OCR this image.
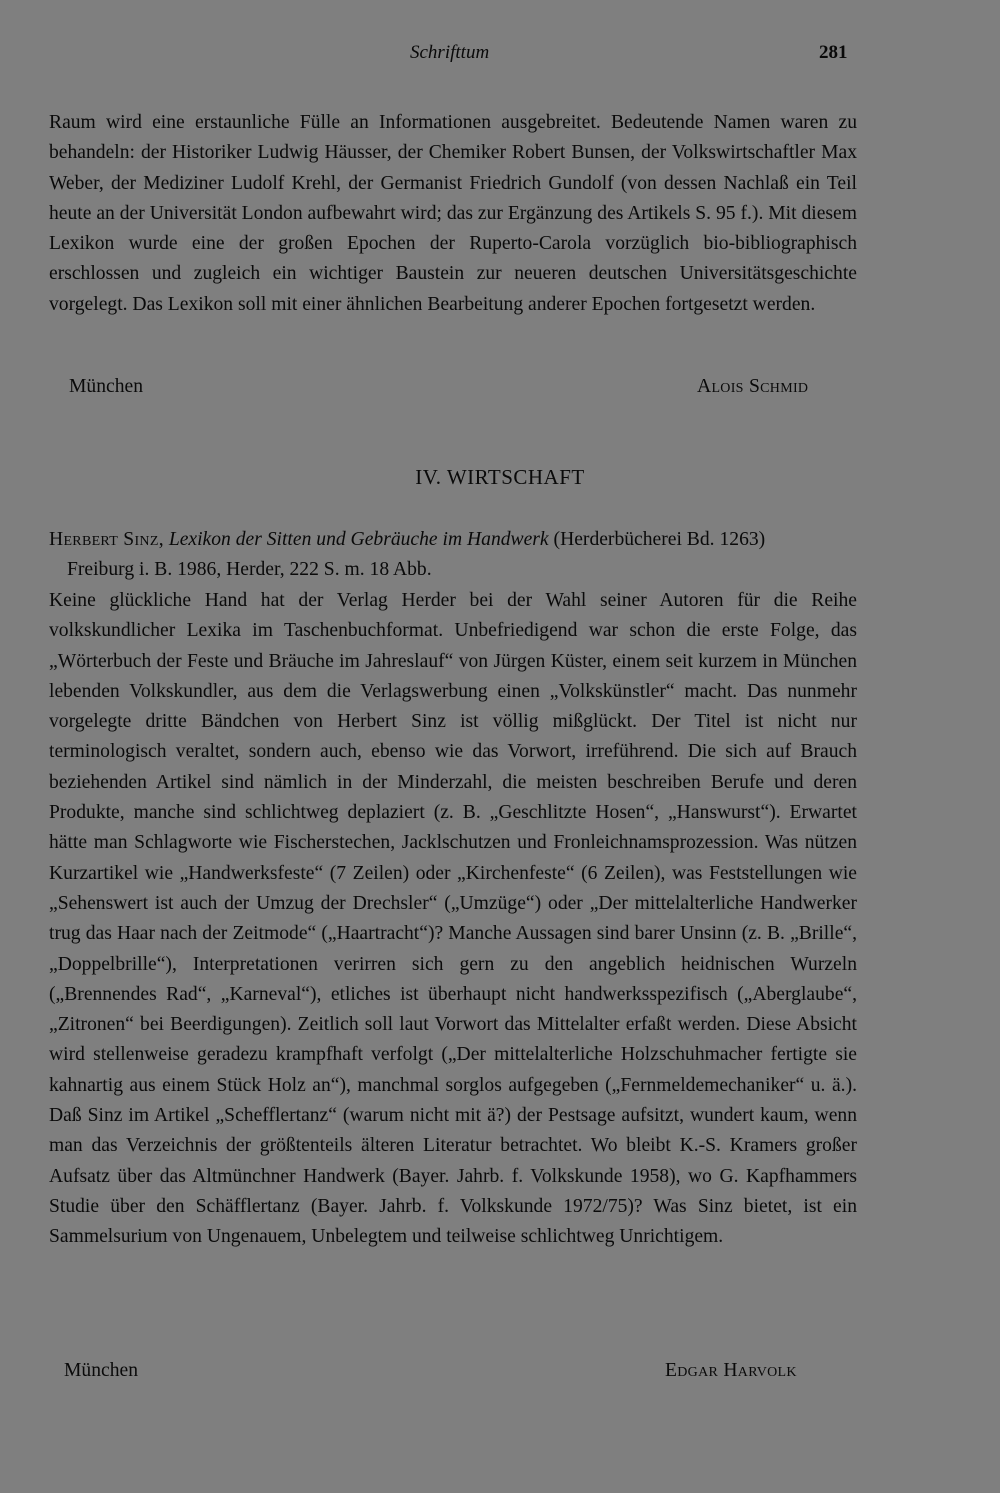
Schrifttum	281

Raum wird eine erstaunliche Fülle an Informationen ausgebreitet. Bedeutende Namen waren zu behandeln: der Historiker Ludwig Häusser, der Chemiker Robert Bunsen, der Volkswirtschaftler Max Weber, der Mediziner Ludolf Krehl, der Germanist Friedrich Gundolf (von dessen Nachlaß ein Teil heute an der Universität London aufbewahrt wird; das zur Ergänzung des Artikels S. 95 f.). Mit diesem Lexikon wurde eine der großen Epochen der Ruperto-Carola vorzüglich bio-bibliographisch erschlossen und zugleich ein wichtiger Baustein zur neueren deutschen Universitätsgeschichte vorgelegt. Das Lexikon soll mit einer ähnlichen Bearbeitung anderer Epochen fortgesetzt werden.

München	Alois Schmid
IV. WIRTSCHAFT
Herbert Sinz, Lexikon der Sitten und Gebräuche im Handwerk (Herderbücherei Bd. 1263)
Freiburg i. B. 1986, Herder, 222 S. m. 18 Abb.

Keine glückliche Hand hat der Verlag Herder bei der Wahl seiner Autoren für die Reihe volkskundlicher Lexika im Taschenbuchformat. Unbefriedigend war schon die erste Folge, das „Wörterbuch der Feste und Bräuche im Jahreslauf“ von Jürgen Küster, einem seit kurzem in München lebenden Volkskundler, aus dem die Verlagswerbung einen „Volkskünstler“ macht. Das nunmehr vorgelegte dritte Bändchen von Herbert Sinz ist völlig mißglückt. Der Titel ist nicht nur terminologisch veraltet, sondern auch, ebenso wie das Vorwort, irreführend. Die sich auf Brauch beziehenden Artikel sind nämlich in der Minderzahl, die meisten beschreiben Berufe und deren Produkte, manche sind schlichtweg deplaziert (z. B. „Geschlitzte Hosen“, „Hanswurst“). Erwartet hätte man Schlagworte wie Fischerstechen, Jacklschutzen und Fronleichnamsprozession. Was nützen Kurzartikel wie „Handwerksfeste“ (7 Zeilen) oder „Kirchenfeste“ (6 Zeilen), was Feststellungen wie „Sehenswert ist auch der Umzug der Drechsler“ („Umzüge“) oder „Der mittelalterliche Handwerker trug das Haar nach der Zeitmode“ („Haartracht“)? Manche Aussagen sind barer Unsinn (z. B. „Brille“, „Doppelbrille“), Interpretationen verirren sich gern zu den angeblich heidnischen Wurzeln („Brennendes Rad“, „Karneval“), etliches ist überhaupt nicht handwerksspezifisch („Aberglaube“, „Zitronen“ bei Beerdigungen). Zeitlich soll laut Vorwort das Mittelalter erfaßt werden. Diese Absicht wird stellenweise geradezu krampfhaft verfolgt („Der mittelalterliche Holzschuhmacher fertigte sie kahnartig aus einem Stück Holz an“), manchmal sorglos aufgegeben („Fernmeldemechaniker“ u. ä.). Daß Sinz im Artikel „Schefflertanz“ (warum nicht mit ä?) der Pestsage aufsitzt, wundert kaum, wenn man das Verzeichnis der größtenteils älteren Literatur betrachtet. Wo bleibt K.-S. Kramers großer Aufsatz über das Altmünchner Handwerk (Bayer. Jahrb. f. Volkskunde 1958), wo G. Kapfhammers Studie über den Schäfflertanz (Bayer. Jahrb. f. Volkskunde 1972/75)? Was Sinz bietet, ist ein Sammelsurium von Ungenauem, Unbelegtem und teilweise schlichtweg Unrichtigem.

München	Edgar Harvolk
